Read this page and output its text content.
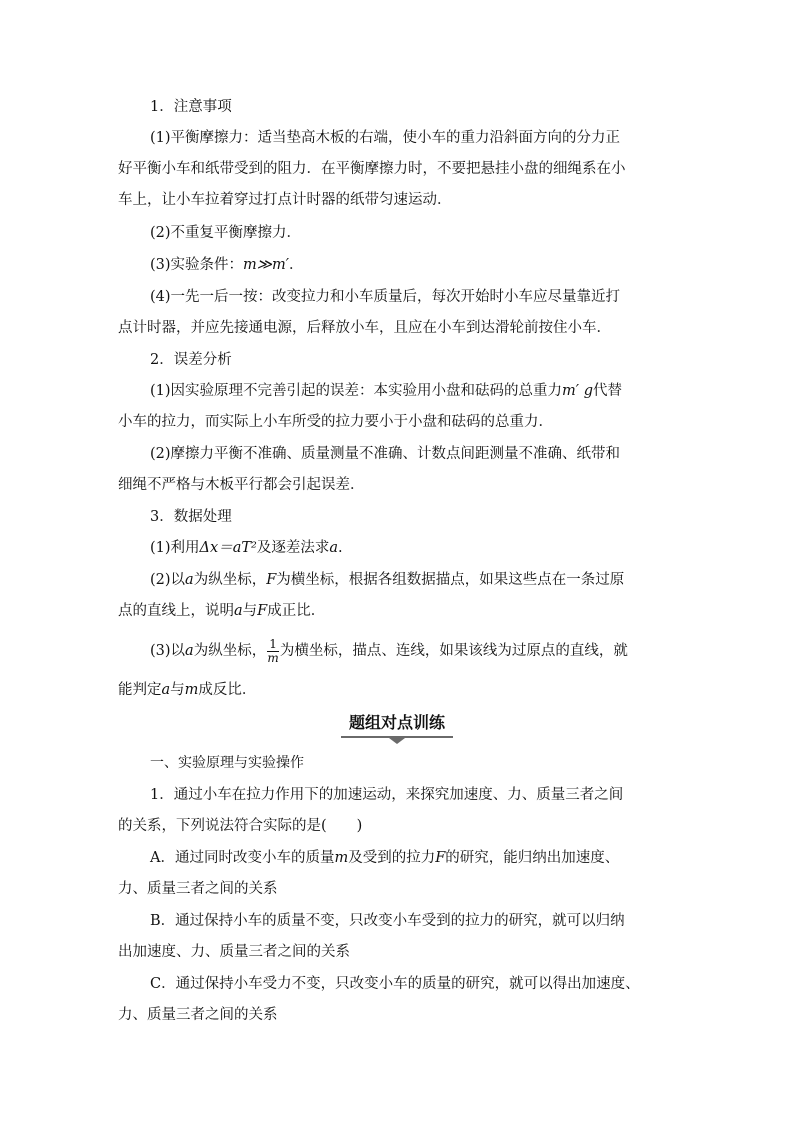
1．注意事项
(1)平衡摩擦力：适当垫高木板的右端，使小车的重力沿斜面方向的分力正
好平衡小车和纸带受到的阻力．在平衡摩擦力时，不要把悬挂小盘的细绳系在小
车上，让小车拉着穿过打点计时器的纸带匀速运动．
(2)不重复平衡摩擦力．
(3)实验条件：m≫m′．
(4)一先一后一按：改变拉力和小车质量后，每次开始时小车应尽量靠近打
点计时器，并应先接通电源，后释放小车，且应在小车到达滑轮前按住小车．
2．误差分析
(1)因实验原理不完善引起的误差：本实验用小盘和砝码的总重力m′ g代替
小车的拉力，而实际上小车所受的拉力要小于小盘和砝码的总重力．
(2)摩擦力平衡不准确、质量测量不准确、计数点间距测量不准确、纸带和
细绳不严格与木板平行都会引起误差．
3．数据处理
(1)利用Δx＝aT²及逐差法求a.
(2)以a为纵坐标，F为横坐标，根据各组数据描点，如果这些点在一条过原
点的直线上，说明a与F成正比．
(3)以a为纵坐标， $\frac{1}{m}$ 为横坐标，描点、连线，如果该线为过原点的直线，就
能判定a与m成反比．
题组对点训练
一、实验原理与实验操作
1．通过小车在拉力作用下的加速运动，来探究加速度、力、质量三者之间
的关系，下列说法符合实际的是( )
A．通过同时改变小车的质量m及受到的拉力F的研究，能归纳出加速度、
力、质量三者之间的关系
B．通过保持小车的质量不变，只改变小车受到的拉力的研究，就可以归纳
出加速度、力、质量三者之间的关系
C．通过保持小车受力不变，只改变小车的质量的研究，就可以得出加速度、
力、质量三者之间的关系
